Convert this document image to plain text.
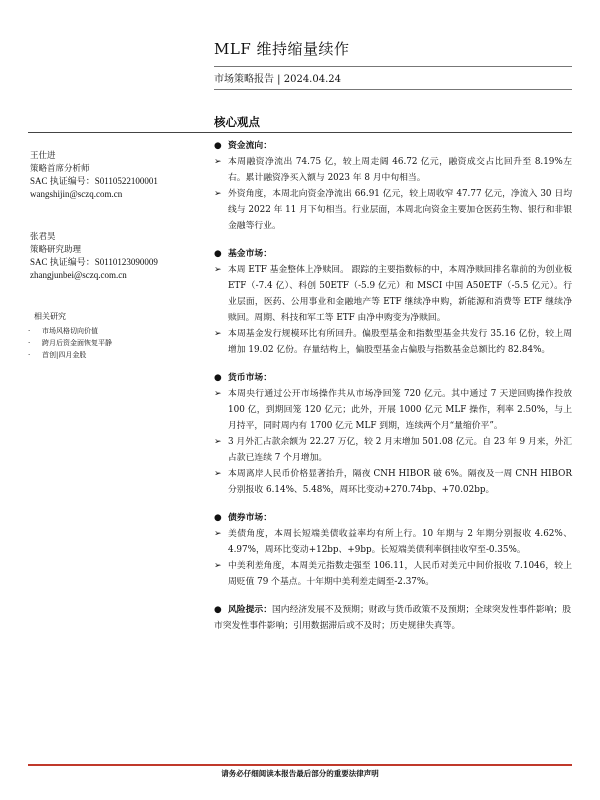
MLF 维持缩量续作
市场策略报告 | 2024.04.24
核心观点
王仕进
策略首席分析师
SAC 执证编号：S0110522100001
wangshijin@sczq.com.cn
张君昊
策略研究助理
SAC 执证编号：S0110123090009
zhangjunbei@sczq.com.cn
相关研究
· 市场风格切向价值
· 跨月后资金面恢复平静
· 首创|四月金股
● 资金流向：
➢ 本周融资净流出 74.75 亿，较上周走阔 46.72 亿元，融资成交占比回升至 8.19%左右。累计融资净买入额与 2023 年 8 月中旬相当。
➢ 外资角度，本周北向资金净流出 66.91 亿元，较上周收窄 47.77 亿元，净流入 30 日均线与 2022 年 11 月下旬相当。行业层面，本周北向资金主要加仓医药生物、银行和非银金融等行业。
● 基金市场：
➢ 本周 ETF 基金整体上净赎回。 跟踪的主要指数标的中，本周净赎回排名靠前的为创业板 ETF（-7.4 亿）、科创 50ETF（-5.9 亿元）和 MSCI 中国 A50ETF（-5.5 亿元）。行业层面，医药、公用事业和金融地产等 ETF 继续净申购，新能源和消费等 ETF 继续净赎回。周期、科技和军工等 ETF 由净申购变为净赎回。
➢ 本周基金发行规模环比有所回升。偏股型基金和指数型基金共发行 35.16 亿份，较上周增加 19.02 亿份。存量结构上，偏股型基金占偏股与指数基金总额比约 82.84%。
● 货币市场：
➢ 本周央行通过公开市场操作共从市场净回笼 720 亿元。其中通过 7 天逆回购操作投放 100 亿，到期回笼 120 亿元；此外，开展 1000 亿元 MLF 操作，利率 2.50%，与上月持平，同时周内有 1700 亿元 MLF 到期，连续两个月“量缩价平”。
➢ 3 月外汇占款余额为 22.27 万亿，较 2 月末增加 501.08 亿元。自 23 年 9 月来，外汇占款已连续 7 个月增加。
➢ 本周离岸人民币价格显著抬升，隔夜 CNH HIBOR 破 6%。隔夜及一周 CNH HIBOR 分别报收 6.14%、5.48%，周环比变动+270.74bp、+70.02bp。
● 债券市场：
➢ 美债角度，本周长短端美债收益率均有所上行。10 年期与 2 年期分别报收 4.62%、4.97%，周环比变动+12bp、+9bp。长短端美债利率倒挂收窄至-0.35%。
➢ 中美利差角度，本周美元指数走强至 106.11，人民币对美元中间价报收 7.1046，较上周贬值 79 个基点。十年期中美利差走阔至-2.37%。
● 风险提示：国内经济发展不及预期；财政与货币政策不及预期；全球突发性事件影响；股市突发性事件影响；引用数据滞后或不及时；历史规律失真等。
请务必仔细阅读本报告最后部分的重要法律声明
